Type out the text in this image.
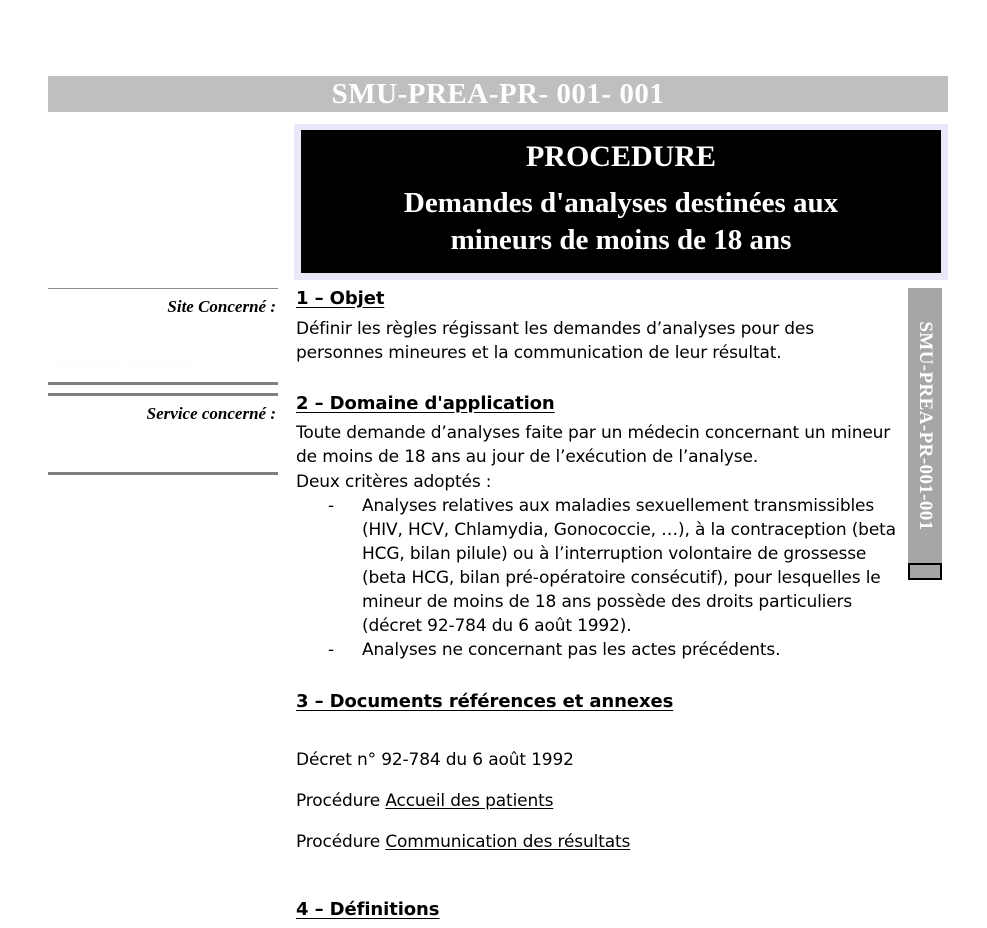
SMU-PREA-PR- 001- 001
PROCEDURE
Demandes d'analyses destinées aux
mineurs de moins de 18 ans
Site Concerné :
Laboratoire de Biologie
Service concerné :
1 – Objet

Définir les règles régissant les demandes d’analyses pour des

personnes mineures et la communication de leur résultat.

2 – Domaine d'application

Toute demande d’analyses faite par un médecin concernant un mineur

de moins de 18 ans au jour de l’exécution de l’analyse.

Deux critères adoptés :

- Analyses relatives aux maladies sexuellement transmissibles (HIV, HCV, Chlamydia, Gonococcie, …), à la contraception (beta HCG, bilan pilule) ou à l’interruption volontaire de grossesse (beta HCG, bilan pré-opératoire consécutif), pour lesquelles le mineur de moins de 18 ans possède des droits particuliers (décret 92-784 du 6 août 1992).
- Analyses ne concernant pas les actes précédents.
3 – Documents références et annexes

Décret n° 92-784 du 6 août 1992

Procédure Accueil des patients

Procédure Communication des résultats

4 – Définitions
SMU-PREA-PR-001-001
